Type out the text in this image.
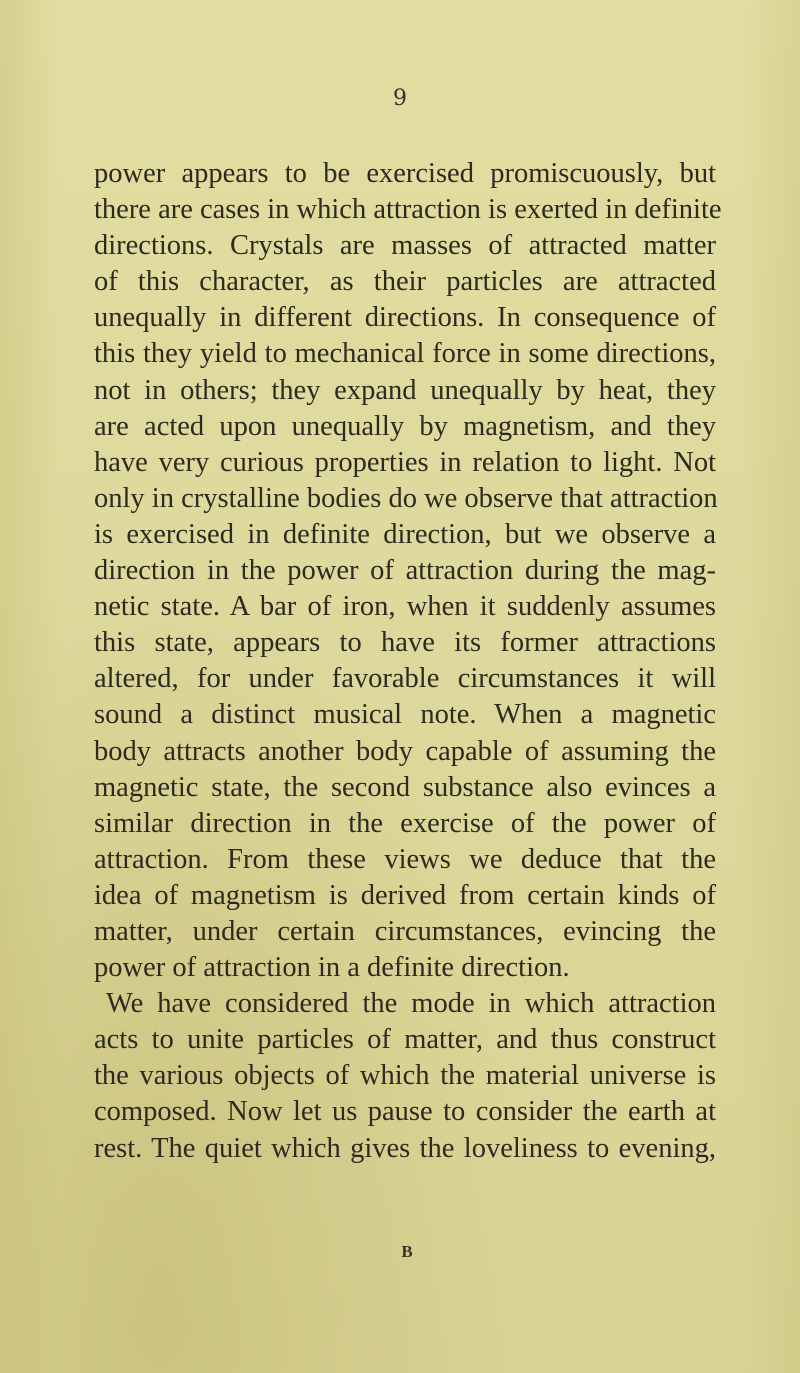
9

power appears to be exercised promiscuously, but
there are cases in which attraction is exerted in definite
directions. Crystals are masses of attracted matter
of this character, as their particles are attracted
unequally in different directions. In consequence of
this they yield to mechanical force in some directions,
not in others; they expand unequally by heat, they
are acted upon unequally by magnetism, and they
have very curious properties in relation to light. Not
only in crystalline bodies do we observe that attraction
is exercised in definite direction, but we observe a
direction in the power of attraction during the mag-
netic state. A bar of iron, when it suddenly assumes
this state, appears to have its former attractions
altered, for under favorable circumstances it will
sound a distinct musical note. When a magnetic
body attracts another body capable of assuming the
magnetic state, the second substance also evinces a
similar direction in the exercise of the power of
attraction. From these views we deduce that the
idea of magnetism is derived from certain kinds of
matter, under certain circumstances, evincing the
power of attraction in a definite direction.
We have considered the mode in which attraction
acts to unite particles of matter, and thus construct
the various objects of which the material universe is
composed. Now let us pause to consider the earth at
rest. The quiet which gives the loveliness to evening,

B
